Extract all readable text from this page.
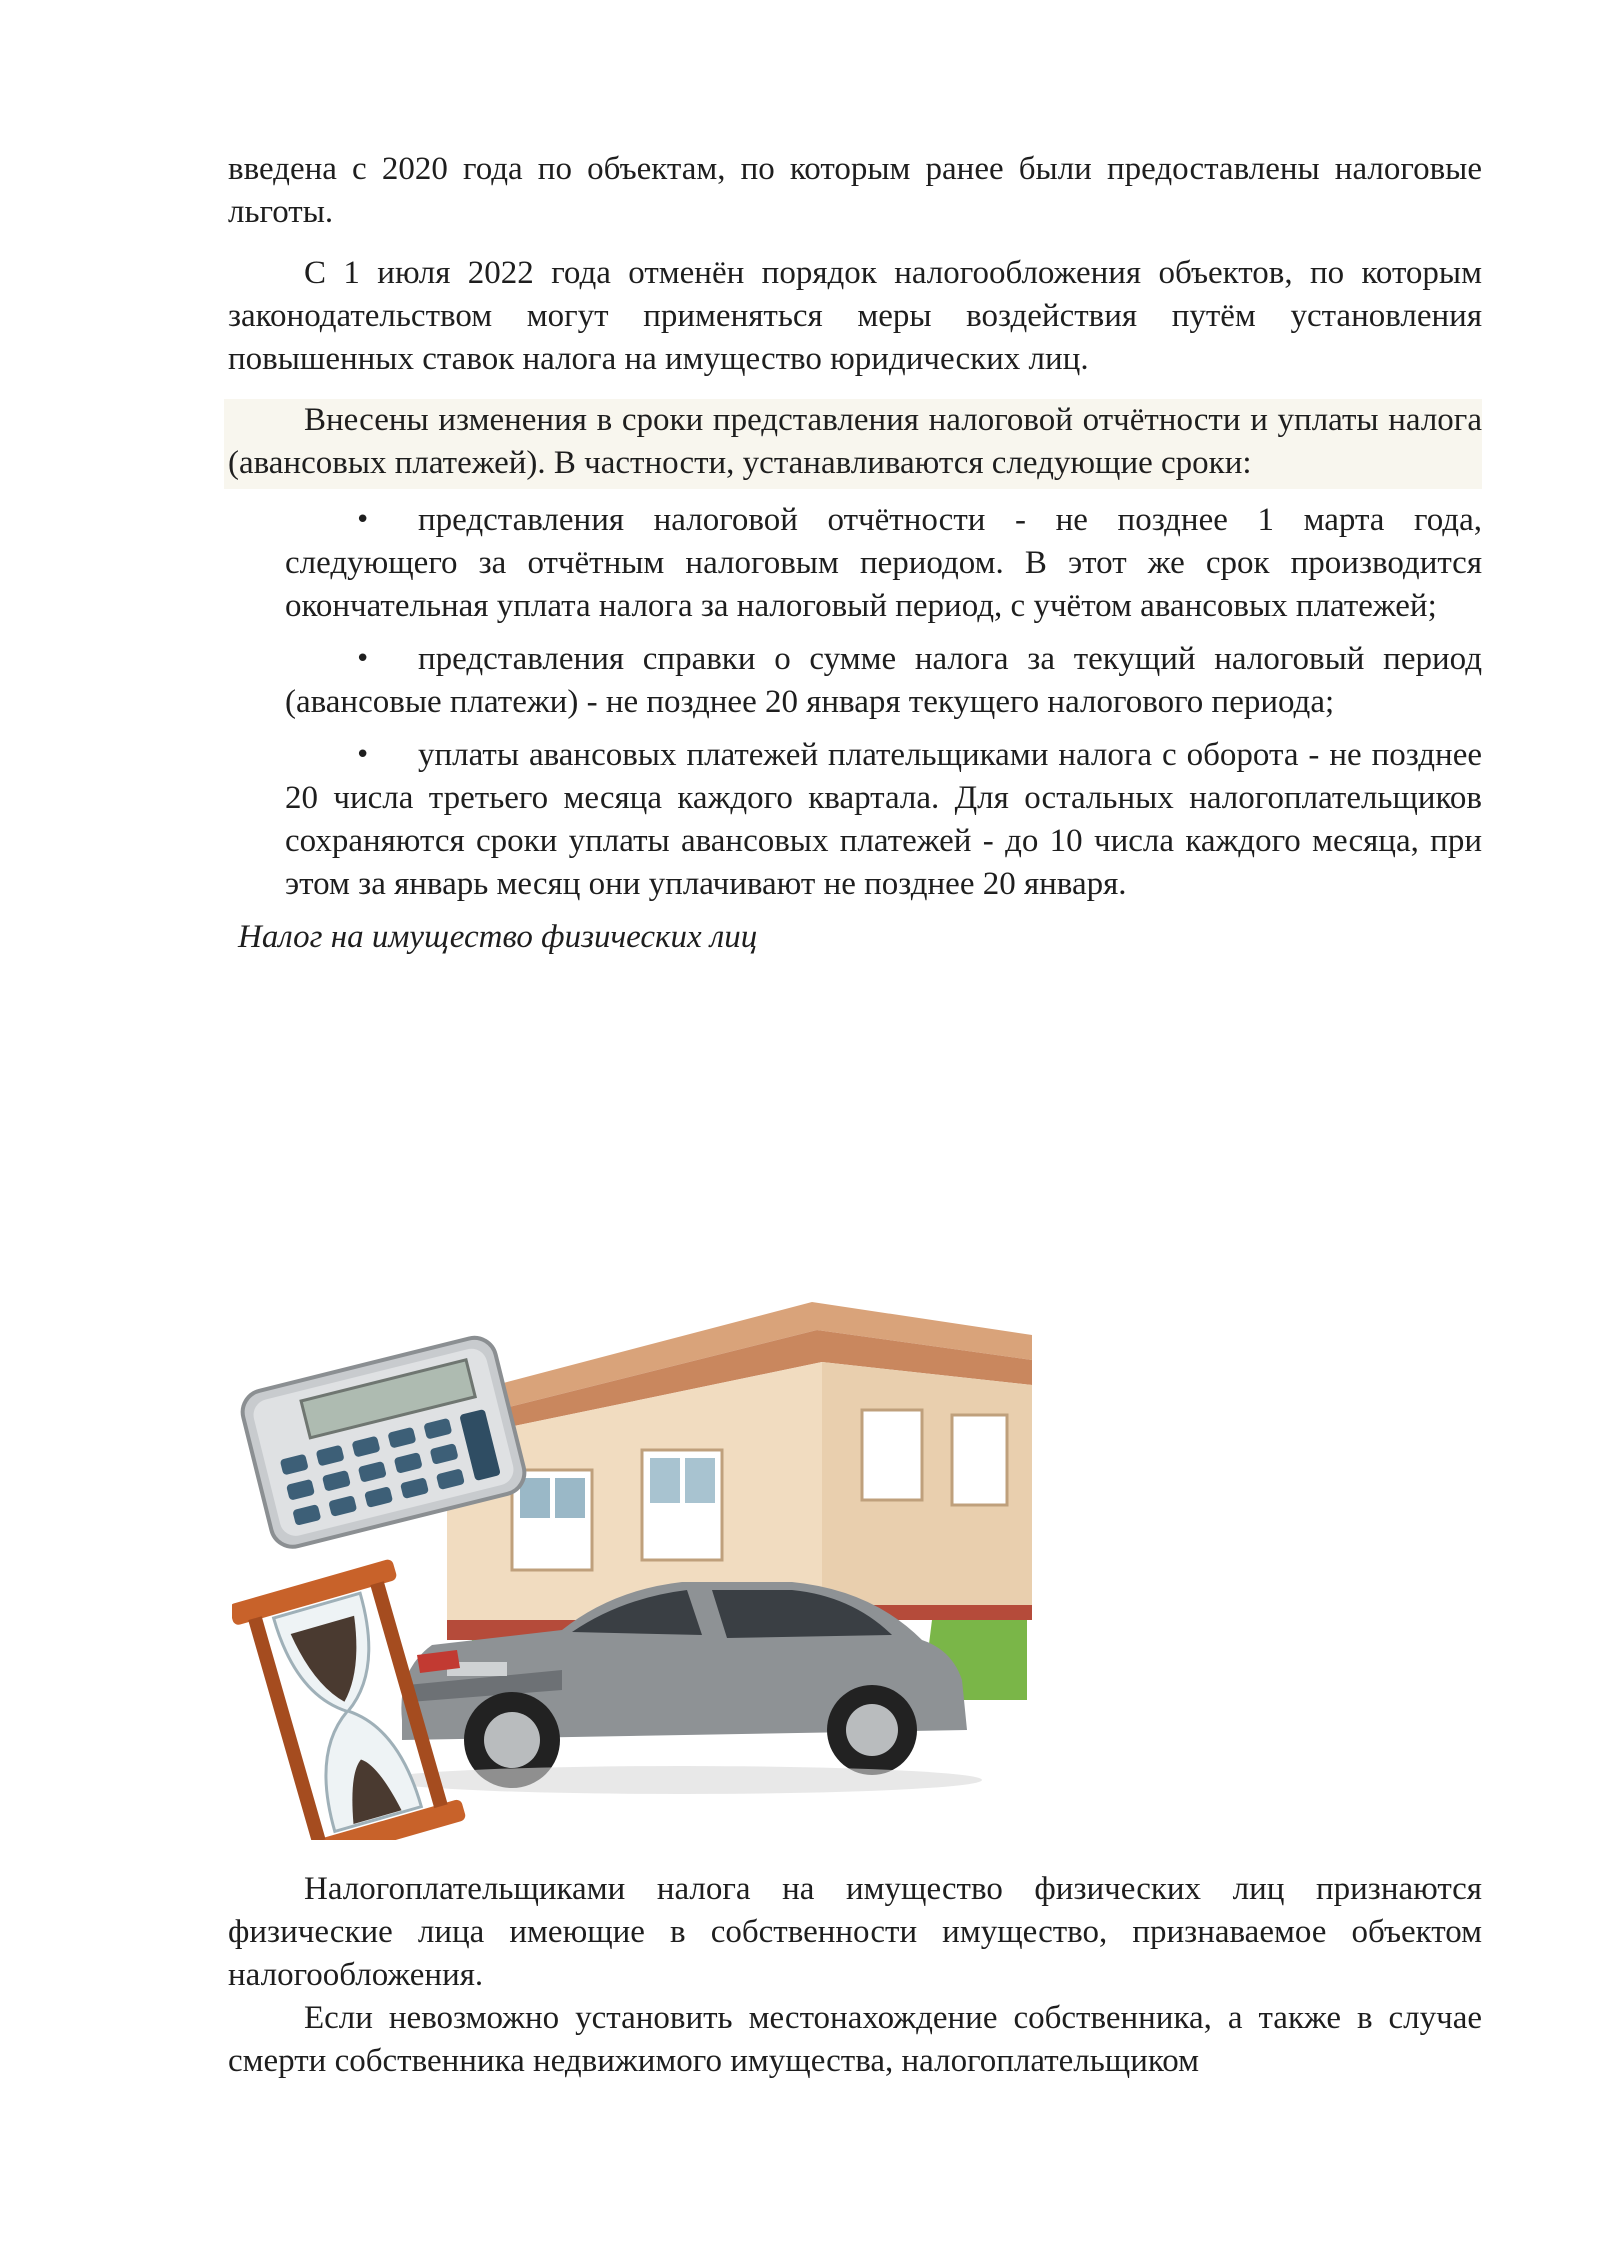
введена с 2020 года по объектам, по которым ранее были предоставлены налоговые льготы.

С 1 июля 2022 года отменён порядок налогообложения объектов, по которым законодательством могут применяться меры воздействия путём установления повышенных ставок налога на имущество юридических лиц.

Внесены изменения в сроки представления налоговой отчётности и уплаты налога (авансовых платежей). В частности, устанавливаются следующие сроки:

• представления налоговой отчётности - не позднее 1 марта года, следующего за отчётным налоговым периодом. В этот же срок производится окончательная уплата налога за налоговый период, с учётом авансовых платежей;
• представления справки о сумме налога за текущий налоговый период (авансовые платежи) - не позднее 20 января текущего налогового периода;
• уплаты авансовых платежей плательщиками налога с оборота - не позднее 20 числа третьего месяца каждого квартала. Для остальных налогоплательщиков сохраняются сроки уплаты авансовых платежей - до 10 числа каждого месяца, при этом за январь месяц они уплачивают не позднее 20 января.

Налог на имущество физических лиц

Налогоплательщиками налога на имущество физических лиц признаются физические лица имеющие в собственности имущество, признаваемое объектом налогообложения.

Если невозможно установить местонахождение собственника, а также в случае смерти собственника недвижимого имущества, налогоплательщиком
